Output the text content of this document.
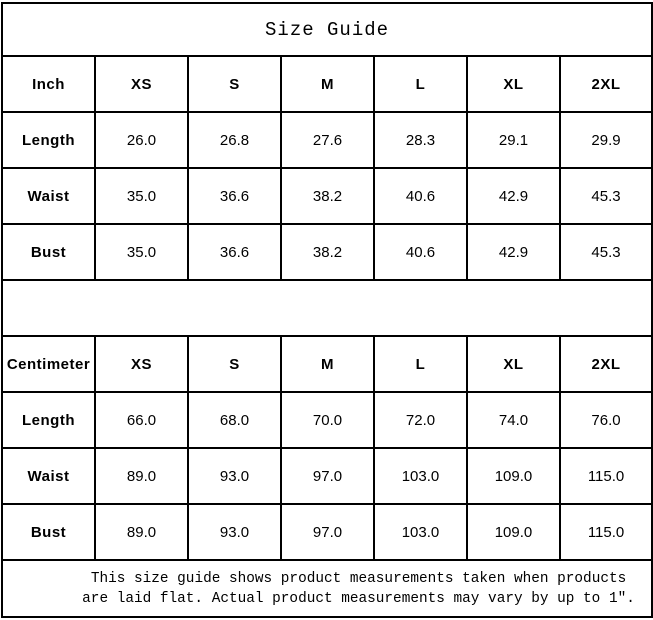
Size Guide						
Inch	XS	S	M	L	XL	2XL
Length	26.0	26.8	27.6	28.3	29.1	29.9
Waist	35.0	36.6	38.2	40.6	42.9	45.3
Bust	35.0	36.6	38.2	40.6	42.9	45.3

Centimeter	XS	S	M	L	XL	2XL
Length	66.0	68.0	70.0	72.0	74.0	76.0
Waist	89.0	93.0	97.0	103.0	109.0	115.0
Bust	89.0	93.0	97.0	103.0	109.0	115.0

This size guide shows product measurements taken when products
are laid flat. Actual product measurements may vary by up to 1″.						
